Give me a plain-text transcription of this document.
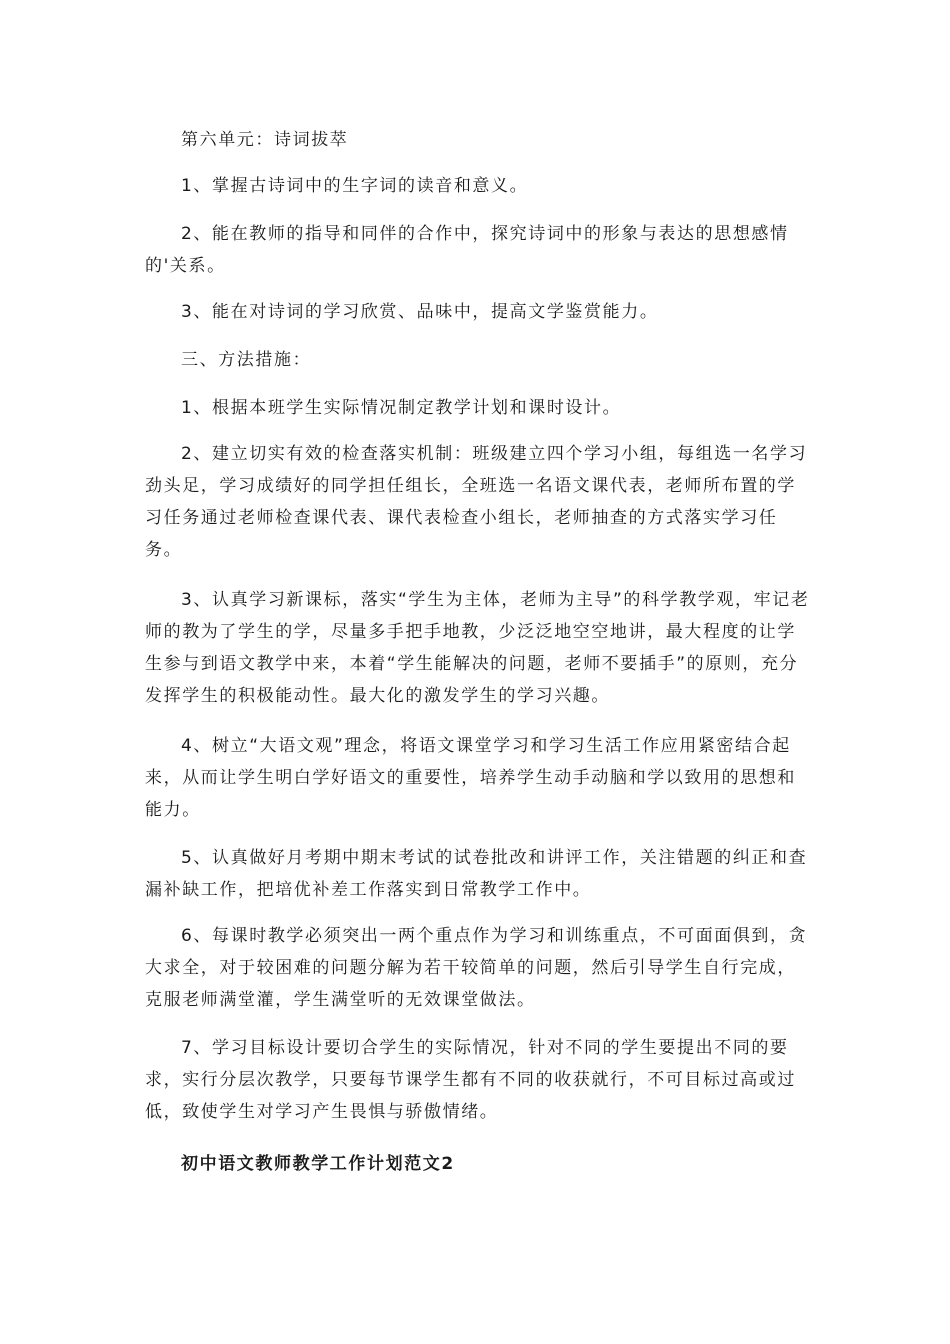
第六单元：诗词拔萃

1、掌握古诗词中的生字词的读音和意义。

2、能在教师的指导和同伴的合作中，探究诗词中的形象与表达的思想感情的'关系。

3、能在对诗词的学习欣赏、品味中，提高文学鉴赏能力。

三、方法措施：

1、根据本班学生实际情况制定教学计划和课时设计。

2、建立切实有效的检查落实机制：班级建立四个学习小组，每组选一名学习劲头足，学习成绩好的同学担任组长，全班选一名语文课代表，老师所布置的学习任务通过老师检查课代表、课代表检查小组长，老师抽查的方式落实学习任务。

3、认真学习新课标，落实“学生为主体，老师为主导”的科学教学观，牢记老师的教为了学生的学，尽量多手把手地教，少泛泛地空空地讲，最大程度的让学生参与到语文教学中来，本着“学生能解决的问题，老师不要插手”的原则，充分发挥学生的积极能动性。最大化的激发学生的学习兴趣。

4、树立“大语文观”理念，将语文课堂学习和学习生活工作应用紧密结合起来，从而让学生明白学好语文的重要性，培养学生动手动脑和学以致用的思想和能力。

5、认真做好月考期中期末考试的试卷批改和讲评工作，关注错题的纠正和查漏补缺工作，把培优补差工作落实到日常教学工作中。

6、每课时教学必须突出一两个重点作为学习和训练重点，不可面面俱到，贪大求全，对于较困难的问题分解为若干较简单的问题，然后引导学生自行完成，克服老师满堂灌，学生满堂听的无效课堂做法。

7、学习目标设计要切合学生的实际情况，针对不同的学生要提出不同的要求，实行分层次教学，只要每节课学生都有不同的收获就行，不可目标过高或过低，致使学生对学习产生畏惧与骄傲情绪。

初中语文教师教学工作计划范文2
